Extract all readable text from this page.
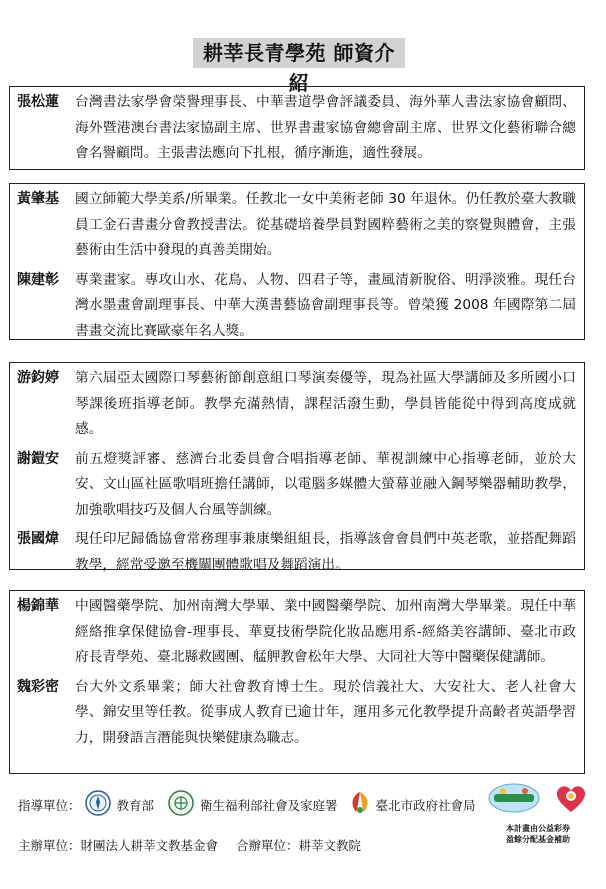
耕莘長青學苑 師資介紹
張松蓮	台灣書法家學會榮譽理事長、中華書道學會評議委員、海外華人書法家協會顧問、海外暨港澳台書法家協副主席、世界書畫家協會總會副主席、世界文化藝術聯合總會名譽顧問。主張書法應向下扎根，循序漸進，適性發展。
黃肇基	國立師範大學美系/所畢業。任教北一女中美術老師 30 年退休。仍任教於臺大教職員工金石書畫分會教授書法。從基礎培養學員對國粹藝術之美的察覺與體會，主張藝術由生活中發現的真善美開始。
陳建彰	專業畫家。專攻山水、花鳥、人物、四君子等，畫風清新脫俗、明淨淡雅。現任台灣水墨畫會副理事長、中華大漢書藝協會副理事長等。曾榮獲 2008 年國際第二屆書畫交流比賽歐豪年名人獎。
游鈞婷	第六屆亞太國際口琴藝術節創意組口琴演奏優等，現為社區大學講師及多所國小口琴課後班指導老師。教學充滿熱情，課程活潑生動，學員皆能從中得到高度成就感。
謝鎧安	前五燈獎評審、慈濟台北委員會合唱指導老師、華視訓練中心指導老師，並於大安、文山區社區歌唱班擔任講師，以電腦多媒體大螢幕並融入鋼琴樂器輔助教學，加強歌唱技巧及個人台風等訓練。
張國煒	現任印尼歸僑協會常務理事兼康樂組組長，指導該會會員們中英老歌，並搭配舞蹈教學，經常受邀至機關團體歌唱及舞蹈演出。
楊錦華	中國醫藥學院、加州南灣大學畢、業中國醫藥學院、加州南灣大學畢業。現任中華經絡推拿保健協會-理事長、華夏技術學院化妝品應用系-經絡美容講師、臺北市政府長青學苑、臺北縣救國團、艋舺教會松年大學、大同社大等中醫藥保健講師。
魏彩密	台大外文系畢業；師大社會教育博士生。現於信義社大、大安社大、老人社會大學、錦安里等任教。從事成人教育已逾廿年，運用多元化教學提升高齡者英語學習力，開發語言潛能與快樂健康為職志。
指導單位：	教育部	衛生福利部社會及家庭署	臺北市政府社會局
本計畫由公益彩券
盈餘分配基金補助
主辦單位：財團法人耕莘文教基金會 合辦單位：耕莘文教院
